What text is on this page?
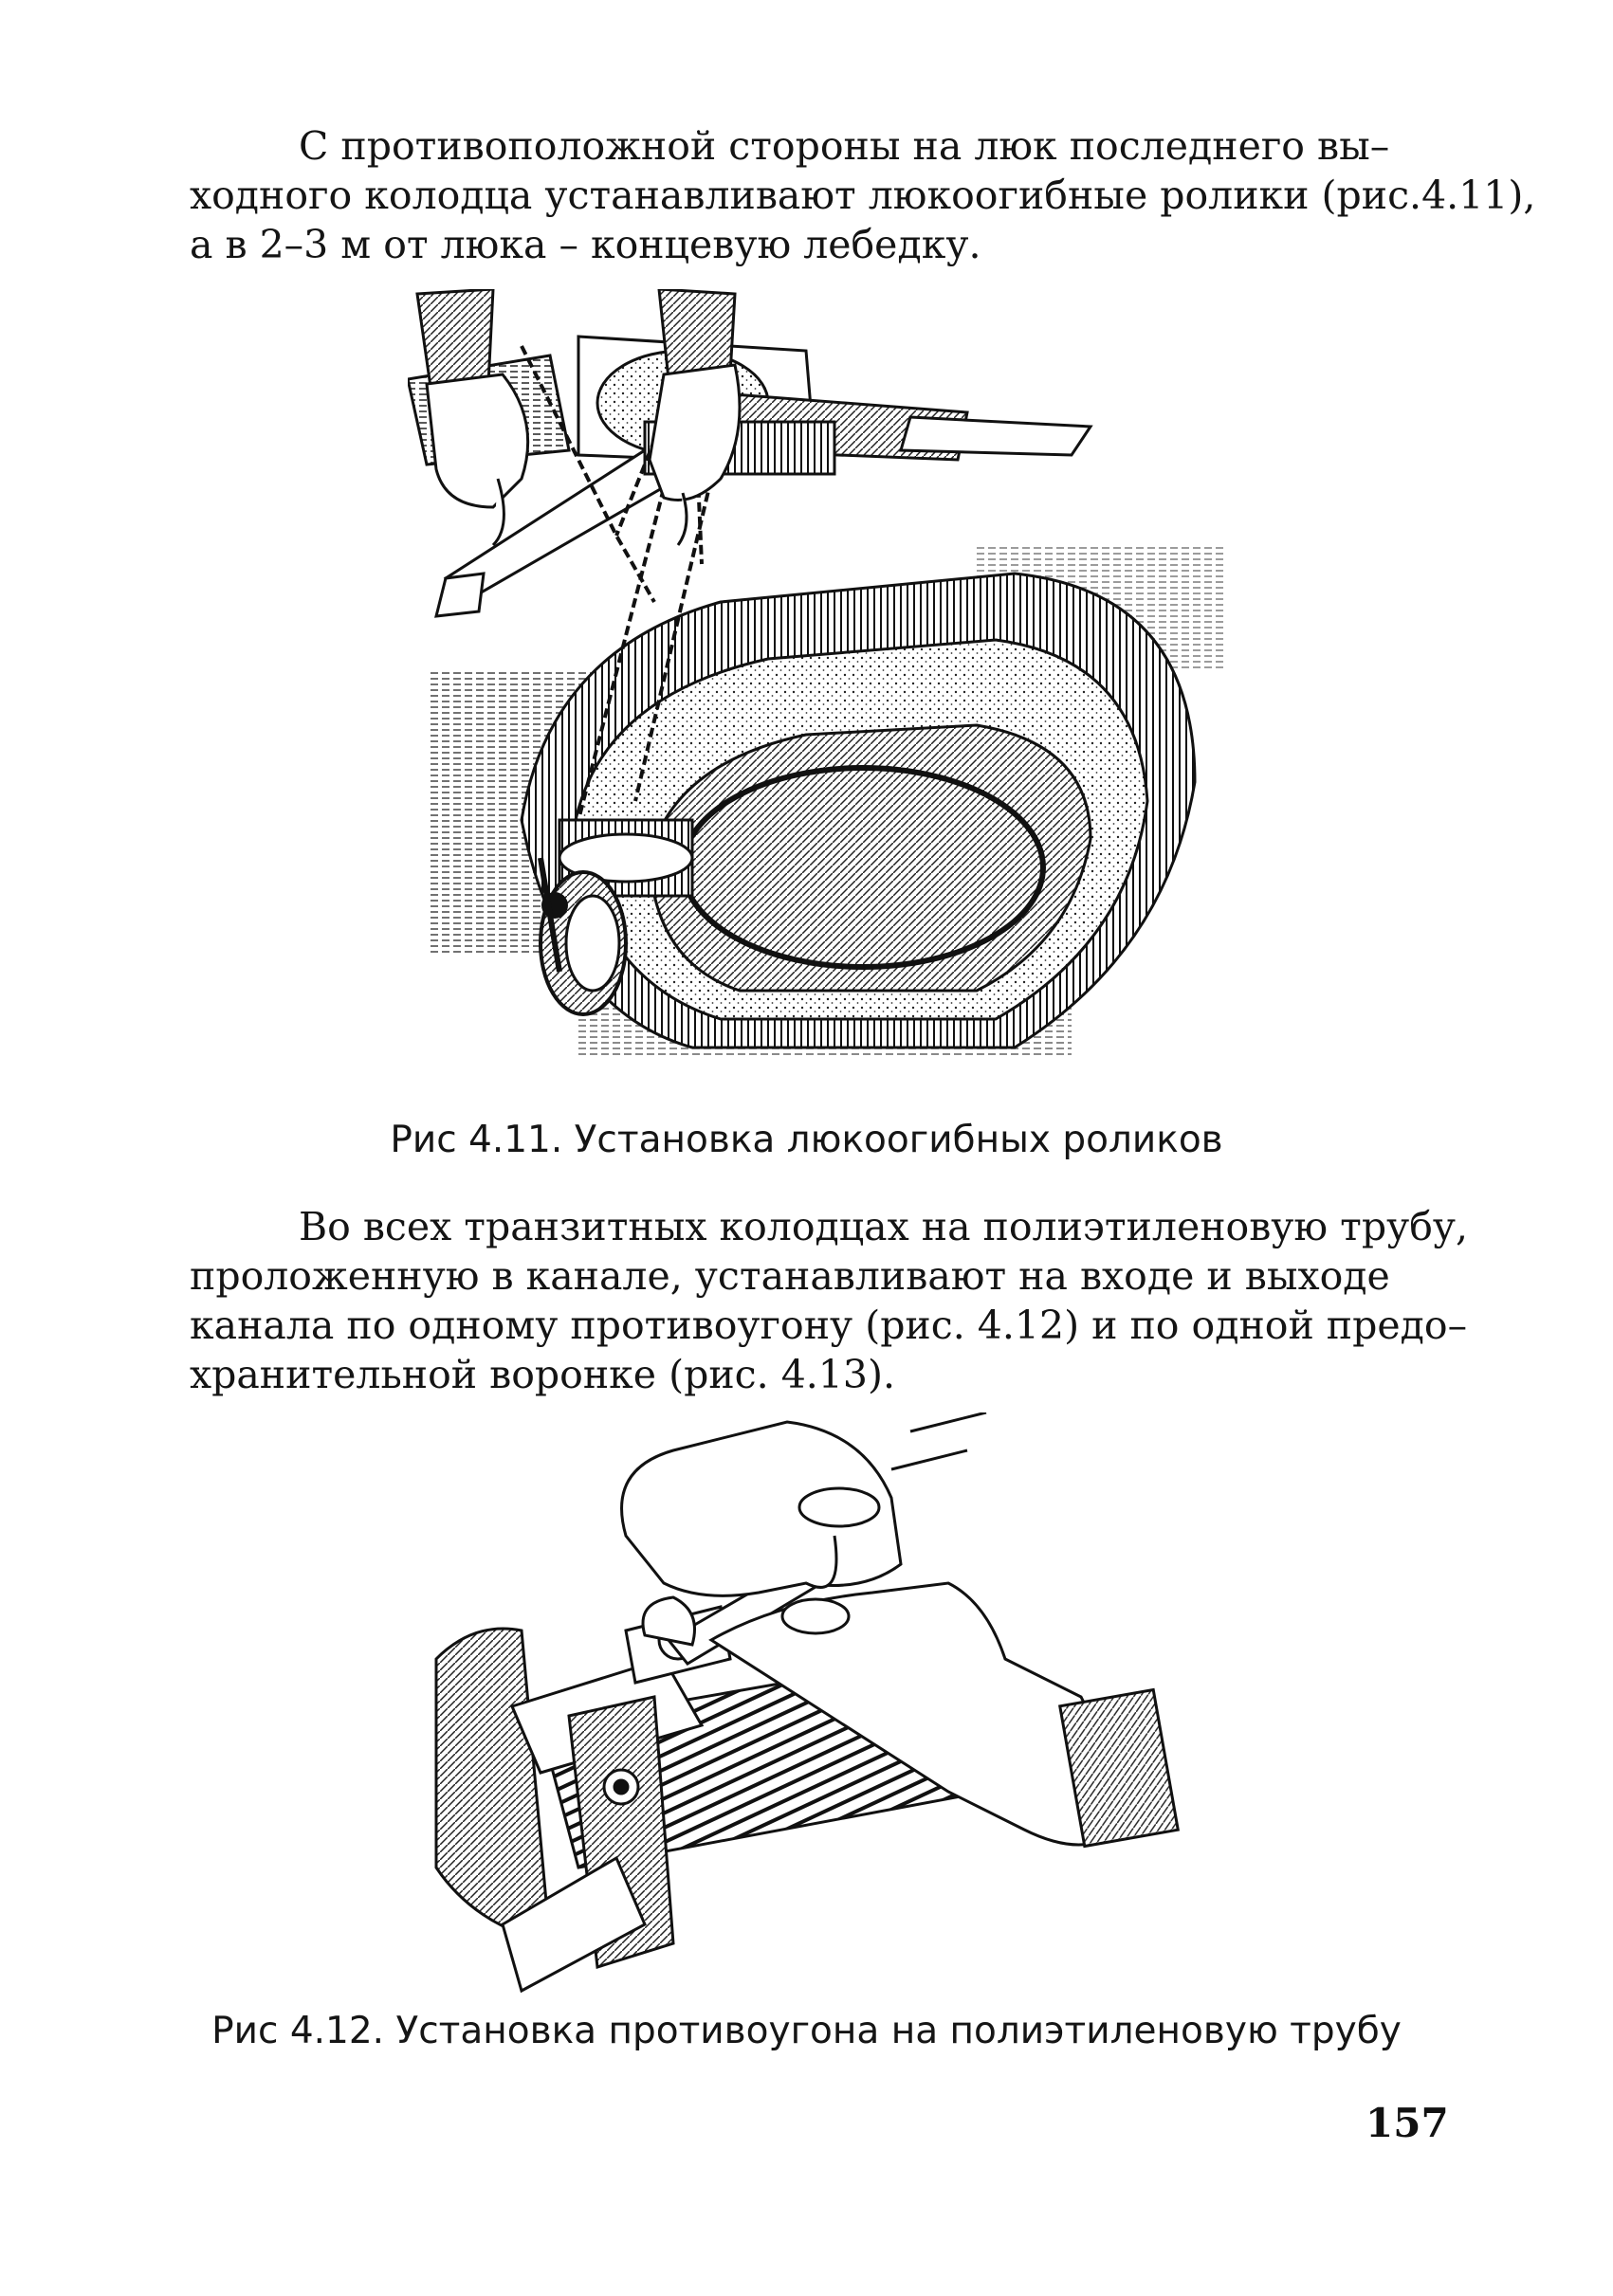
С противоположной стороны на люк последнего вы–
ходного колодца устанавливают люкоогибные ролики (рис.4.11),
а в 2–3 м от люка – концевую лебедку.
Рис 4.11. Установка люкоогибных роликов
Во всех транзитных колодцах на полиэтиленовую трубу,
проложенную в канале, устанавливают на входе и выходе
канала по одному противоугону (рис. 4.12) и по одной предо–
хранительной воронке (рис. 4.13).
Рис 4.12. Установка противоугона на полиэтиленовую трубу
157
